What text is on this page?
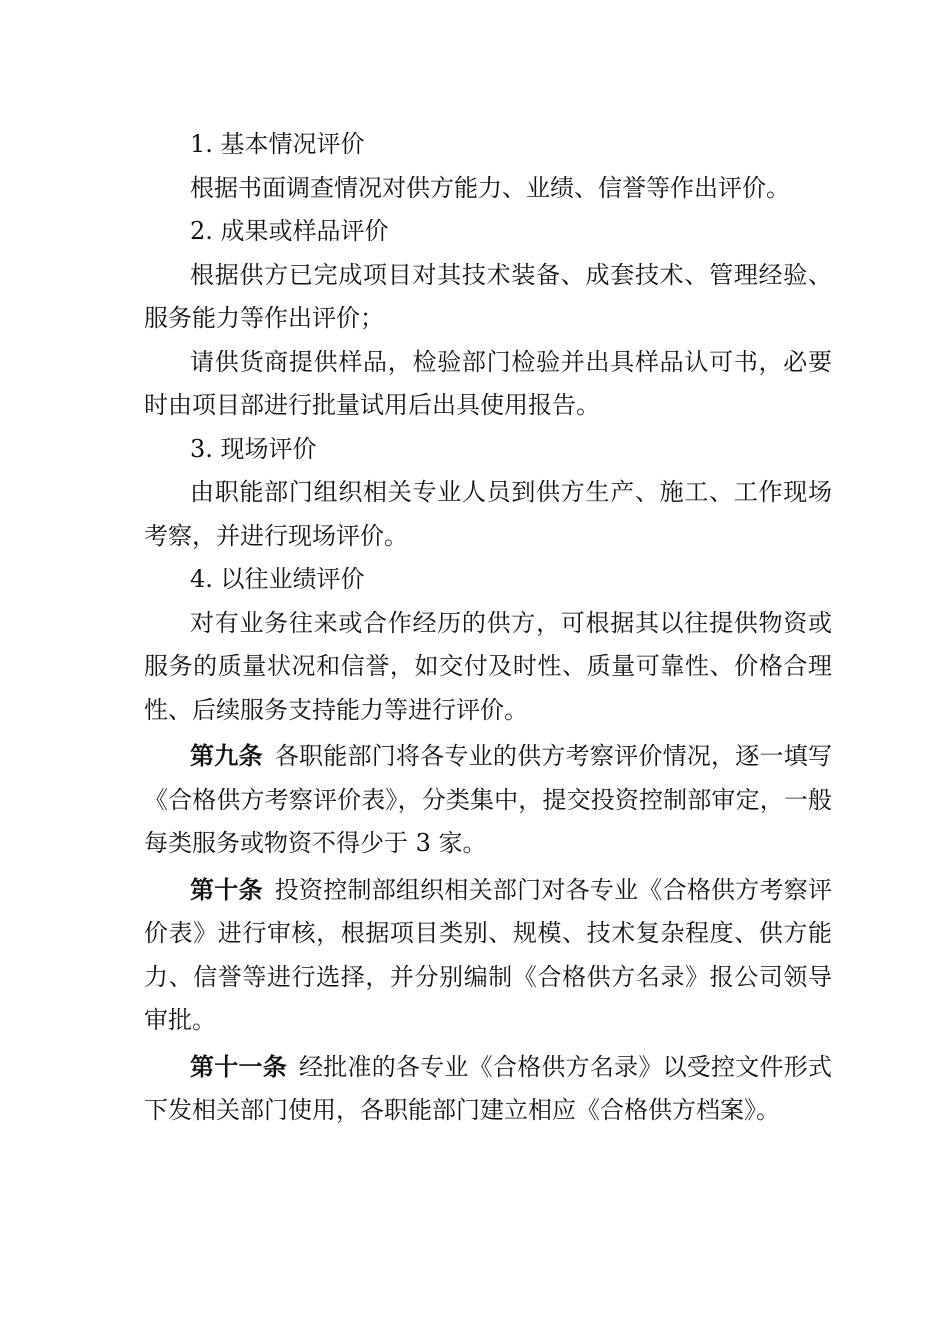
1. 基本情况评价

根据书面调查情况对供方能力、业绩、信誉等作出评价。

2. 成果或样品评价

根据供方已完成项目对其技术装备、成套技术、管理经验、服务能力等作出评价；

请供货商提供样品，检验部门检验并出具样品认可书，必要时由项目部进行批量试用后出具使用报告。

3. 现场评价

由职能部门组织相关专业人员到供方生产、施工、工作现场考察，并进行现场评价。

4. 以往业绩评价

对有业务往来或合作经历的供方，可根据其以往提供物资或服务的质量状况和信誉，如交付及时性、质量可靠性、价格合理性、后续服务支持能力等进行评价。

第九条 各职能部门将各专业的供方考察评价情况，逐一填写《合格供方考察评价表》，分类集中，提交投资控制部审定，一般每类服务或物资不得少于 3 家。

第十条 投资控制部组织相关部门对各专业《合格供方考察评价表》进行审核，根据项目类别、规模、技术复杂程度、供方能力、信誉等进行选择，并分别编制《合格供方名录》报公司领导审批。

第十一条 经批准的各专业《合格供方名录》以受控文件形式下发相关部门使用，各职能部门建立相应《合格供方档案》。
